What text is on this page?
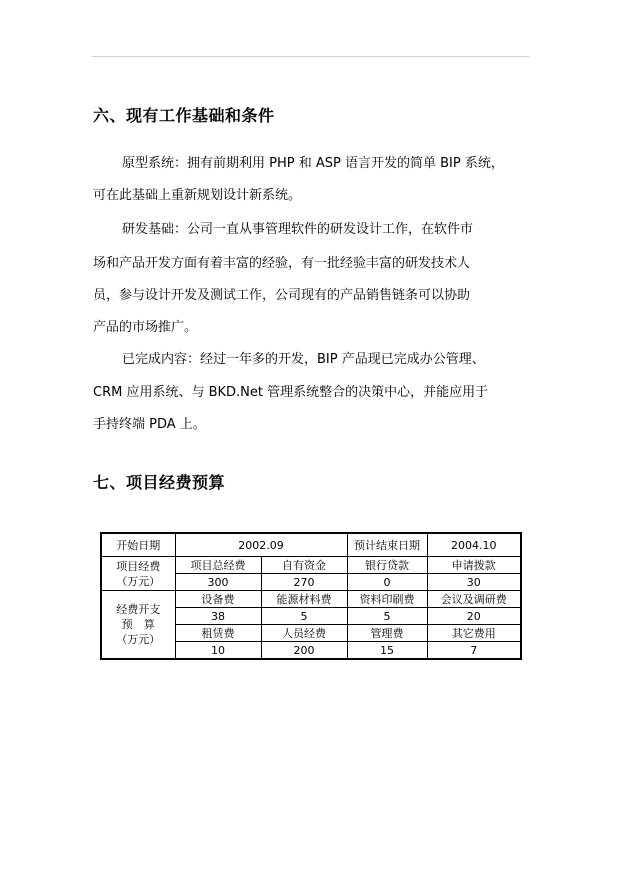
六、现有工作基础和条件
原型系统：拥有前期利用 PHP 和 ASP 语言开发的简单 BIP 系统，
可在此基础上重新规划设计新系统。
研发基础：公司一直从事管理软件的研发设计工作，在软件市
场和产品开发方面有着丰富的经验，有一批经验丰富的研发技术人
员，参与设计开发及测试工作，公司现有的产品销售链条可以协助
产品的市场推广。
已完成内容：经过一年多的开发，BIP 产品现已完成办公管理、
CRM 应用系统、与 BKD.Net 管理系统整合的决策中心，并能应用于
手持终端 PDA 上。
七、项目经费预算
开始日期	2002.09		预计结束日期	2004.10

项目经费
（万元）	项目总经费	自有资金	银行贷款	申请拨款
	300	270	0	30

经费开支
预　算
（万元）	设备费	能源材料费	资料印刷费	会议及调研费
	38	5	5	20
	租赁费	人员经费	管理费	其它费用
	10	200	15	7
